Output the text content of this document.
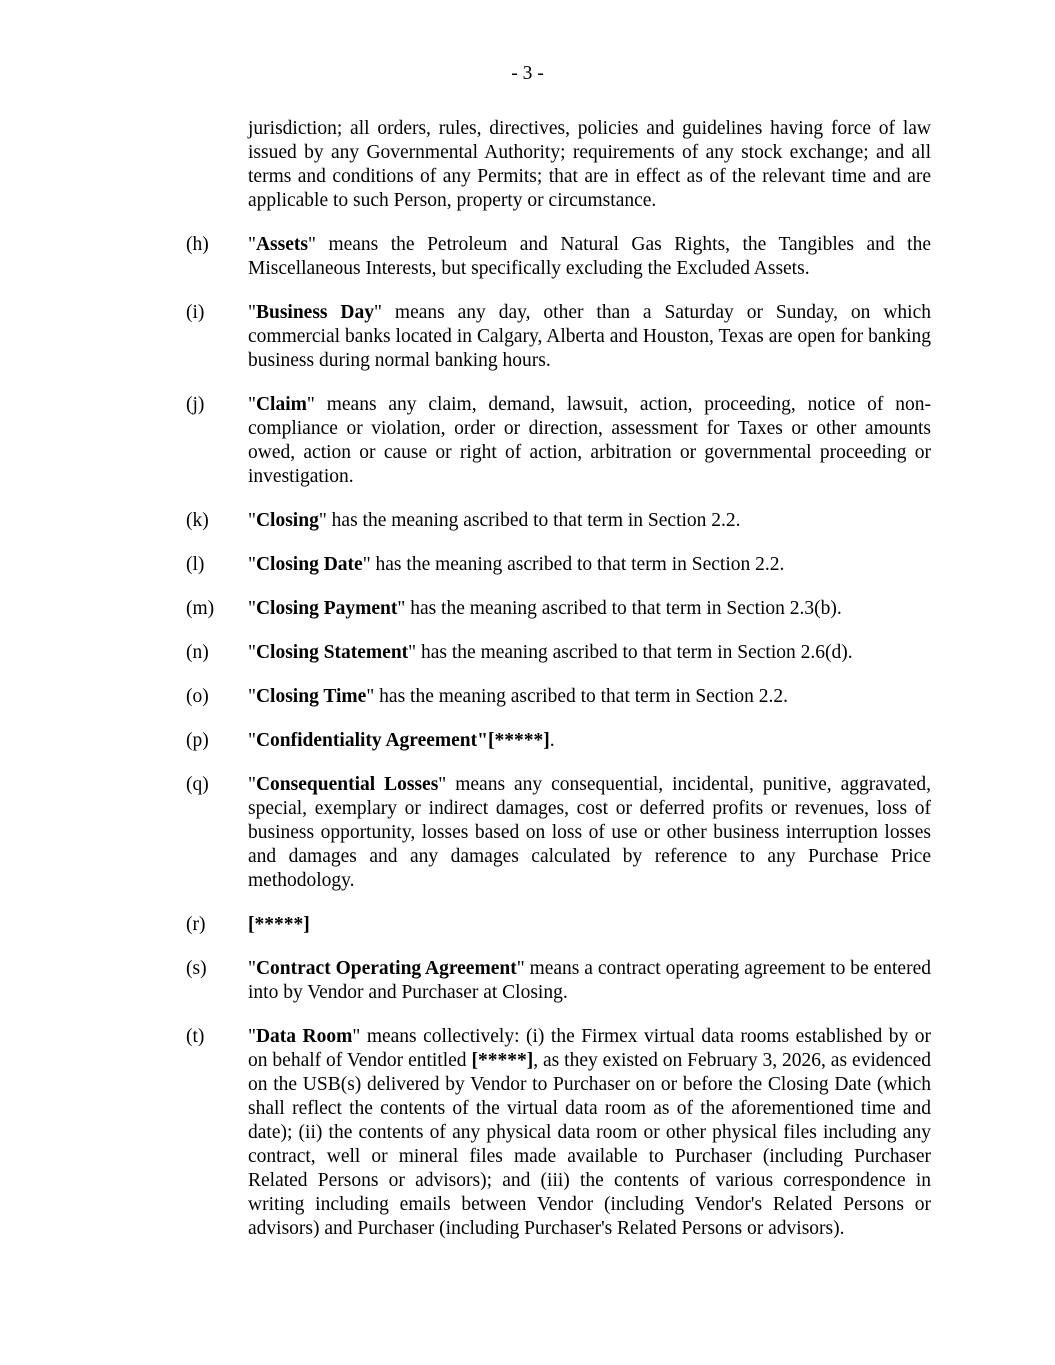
- 3 -
jurisdiction; all orders, rules, directives, policies and guidelines having force of law issued by any Governmental Authority; requirements of any stock exchange; and all terms and conditions of any Permits; that are in effect as of the relevant time and are applicable to such Person, property or circumstance.
(h)	"Assets" means the Petroleum and Natural Gas Rights, the Tangibles and the Miscellaneous Interests, but specifically excluding the Excluded Assets.
(i)	"Business Day" means any day, other than a Saturday or Sunday, on which commercial banks located in Calgary, Alberta and Houston, Texas are open for banking business during normal banking hours.
(j)	"Claim" means any claim, demand, lawsuit, action, proceeding, notice of non-compliance or violation, order or direction, assessment for Taxes or other amounts owed, action or cause or right of action, arbitration or governmental proceeding or investigation.
(k)	"Closing" has the meaning ascribed to that term in Section 2.2.
(l)	"Closing Date" has the meaning ascribed to that term in Section 2.2.
(m)	"Closing Payment" has the meaning ascribed to that term in Section 2.3(b).
(n)	"Closing Statement" has the meaning ascribed to that term in Section 2.6(d).
(o)	"Closing Time" has the meaning ascribed to that term in Section 2.2.
(p)	"Confidentiality Agreement"[*****].
(q)	"Consequential Losses" means any consequential, incidental, punitive, aggravated, special, exemplary or indirect damages, cost or deferred profits or revenues, loss of business opportunity, losses based on loss of use or other business interruption losses and damages and any damages calculated by reference to any Purchase Price methodology.
(r)	[*****]
(s)	"Contract Operating Agreement" means a contract operating agreement to be entered into by Vendor and Purchaser at Closing.
(t)	"Data Room" means collectively: (i) the Firmex virtual data rooms established by or on behalf of Vendor entitled [*****], as they existed on February 3, 2026, as evidenced on the USB(s) delivered by Vendor to Purchaser on or before the Closing Date (which shall reflect the contents of the virtual data room as of the aforementioned time and date); (ii) the contents of any physical data room or other physical files including any contract, well or mineral files made available to Purchaser (including Purchaser Related Persons or advisors); and (iii) the contents of various correspondence in writing including emails between Vendor (including Vendor's Related Persons or advisors) and Purchaser (including Purchaser's Related Persons or advisors).
